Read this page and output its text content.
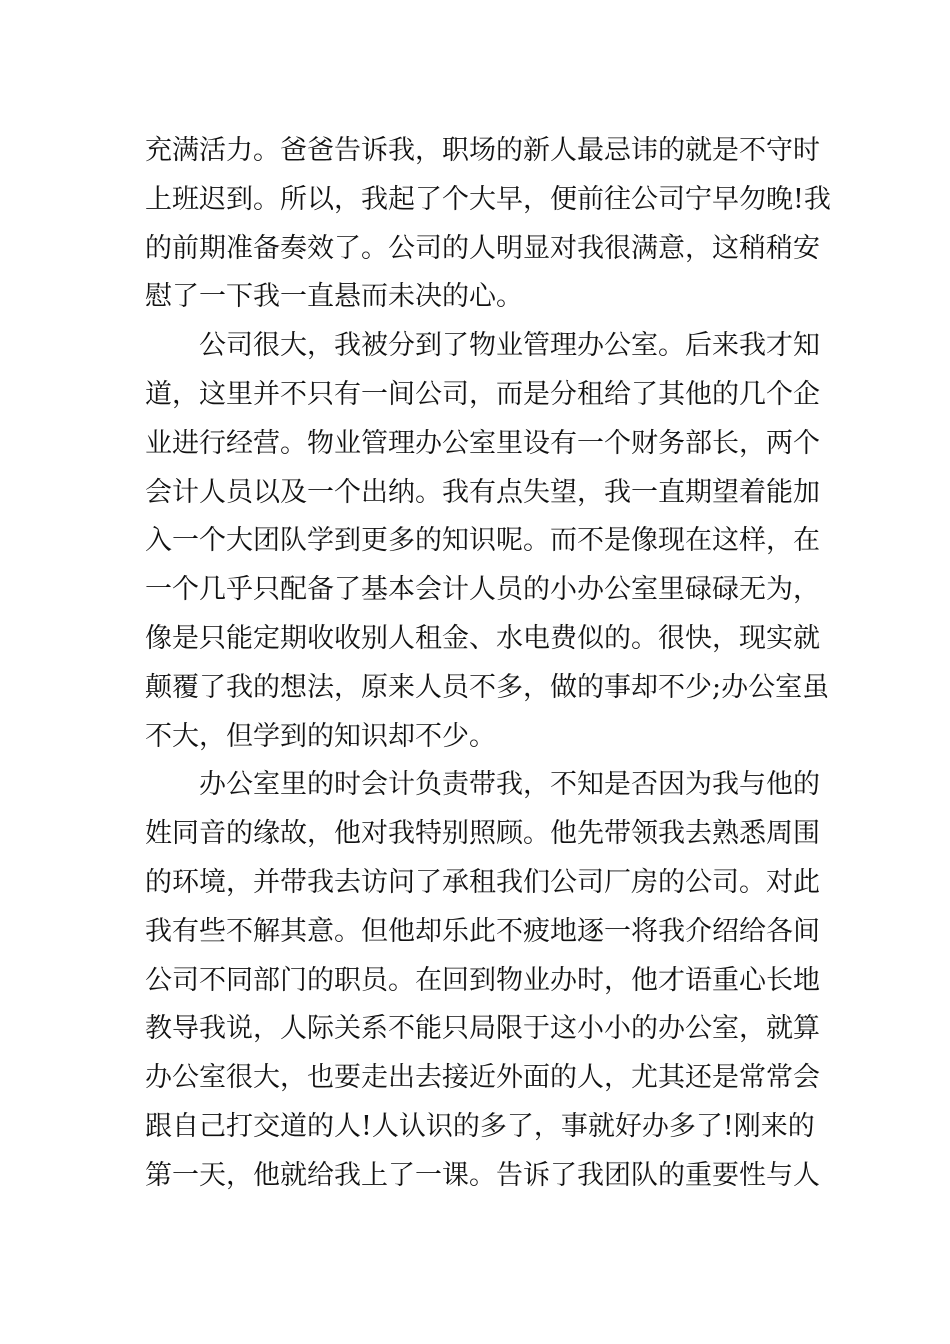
充满活力。爸爸告诉我，职场的新人最忌讳的就是不守时
上班迟到。所以，我起了个大早，便前往公司宁早勿晚!我
的前期准备奏效了。公司的人明显对我很满意，这稍稍安
慰了一下我一直悬而未决的心。
　　公司很大，我被分到了物业管理办公室。后来我才知
道，这里并不只有一间公司，而是分租给了其他的几个企
业进行经营。物业管理办公室里设有一个财务部长，两个
会计人员以及一个出纳。我有点失望，我一直期望着能加
入一个大团队学到更多的知识呢。而不是像现在这样，在
一个几乎只配备了基本会计人员的小办公室里碌碌无为，
像是只能定期收收别人租金、水电费似的。很快，现实就
颠覆了我的想法，原来人员不多，做的事却不少;办公室虽
不大，但学到的知识却不少。
　　办公室里的时会计负责带我，不知是否因为我与他的
姓同音的缘故，他对我特别照顾。他先带领我去熟悉周围
的环境，并带我去访问了承租我们公司厂房的公司。对此
我有些不解其意。但他却乐此不疲地逐一将我介绍给各间
公司不同部门的职员。在回到物业办时，他才语重心长地
教导我说，人际关系不能只局限于这小小的办公室，就算
办公室很大，也要走出去接近外面的人，尤其还是常常会
跟自己打交道的人!人认识的多了，事就好办多了!刚来的
第一天，他就给我上了一课。告诉了我团队的重要性与人
